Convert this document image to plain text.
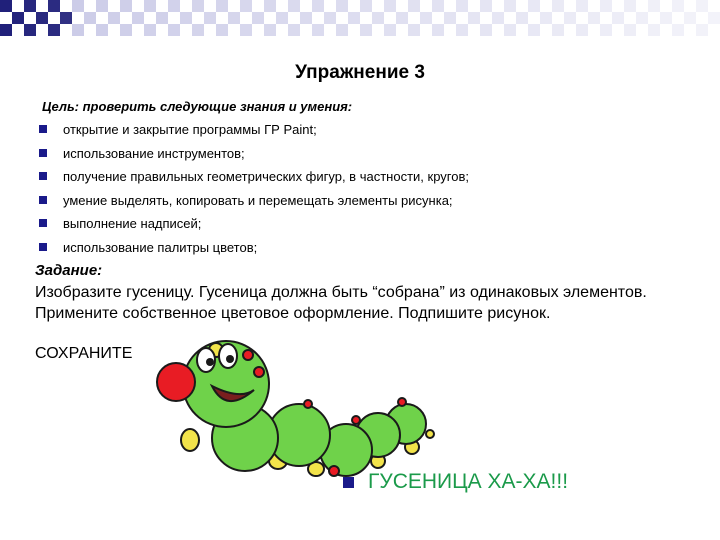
Упражнение 3
Цель: проверить следующие знания и умения:
открытие и закрытие программы ГР Paint;
использование инструментов;
получение правильных геометрических фигур, в частности, кругов;
умение выделять, копировать и перемещать элементы рисунка;
выполнение надписей;
использование палитры цветов;
Задание:
Изобразите гусеницу. Гусеница должна быть “собрана” из одинаковых элементов. Примените собственное цветовое оформление. Подпишите рисунок.
СОХРАНИТЕ
ГУСЕНИЦА ХА-ХА!!!
